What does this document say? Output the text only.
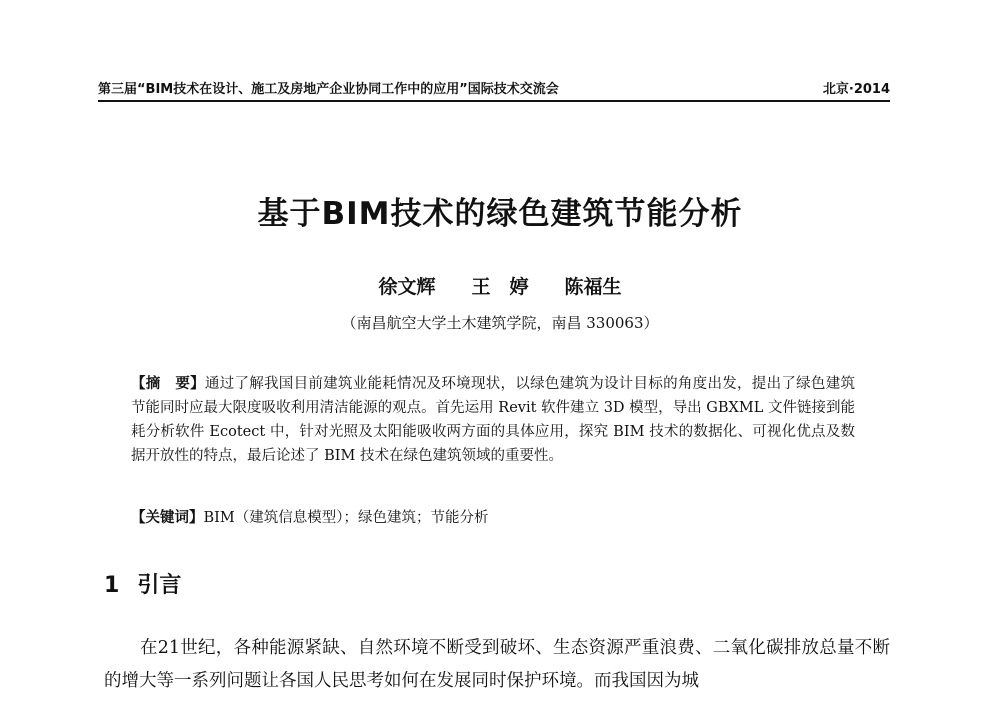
第三届“BIM技术在设计、施工及房地产企业协同工作中的应用”国际技术交流会	北京·2014
基于BIM技术的绿色建筑节能分析
徐文辉 王　婷 陈福生
（南昌航空大学土木建筑学院，南昌 330063）
【摘　要】通过了解我国目前建筑业能耗情况及环境现状，以绿色建筑为设计目标的角度出发，提出了绿色建筑节能同时应最大限度吸收利用清洁能源的观点。首先运用 Revit 软件建立 3D 模型，导出 GBXML 文件链接到能耗分析软件 Ecotect 中，针对光照及太阳能吸收两方面的具体应用，探究 BIM 技术的数据化、可视化优点及数据开放性的特点，最后论述了 BIM 技术在绿色建筑领域的重要性。
【关键词】BIM（建筑信息模型）；绿色建筑；节能分析
1 引言
在21世纪，各种能源紧缺、自然环境不断受到破坏、生态资源严重浪费、二氧化碳排放总量不断的增大等一系列问题让各国人民思考如何在发展同时保护环境。而我国因为城
